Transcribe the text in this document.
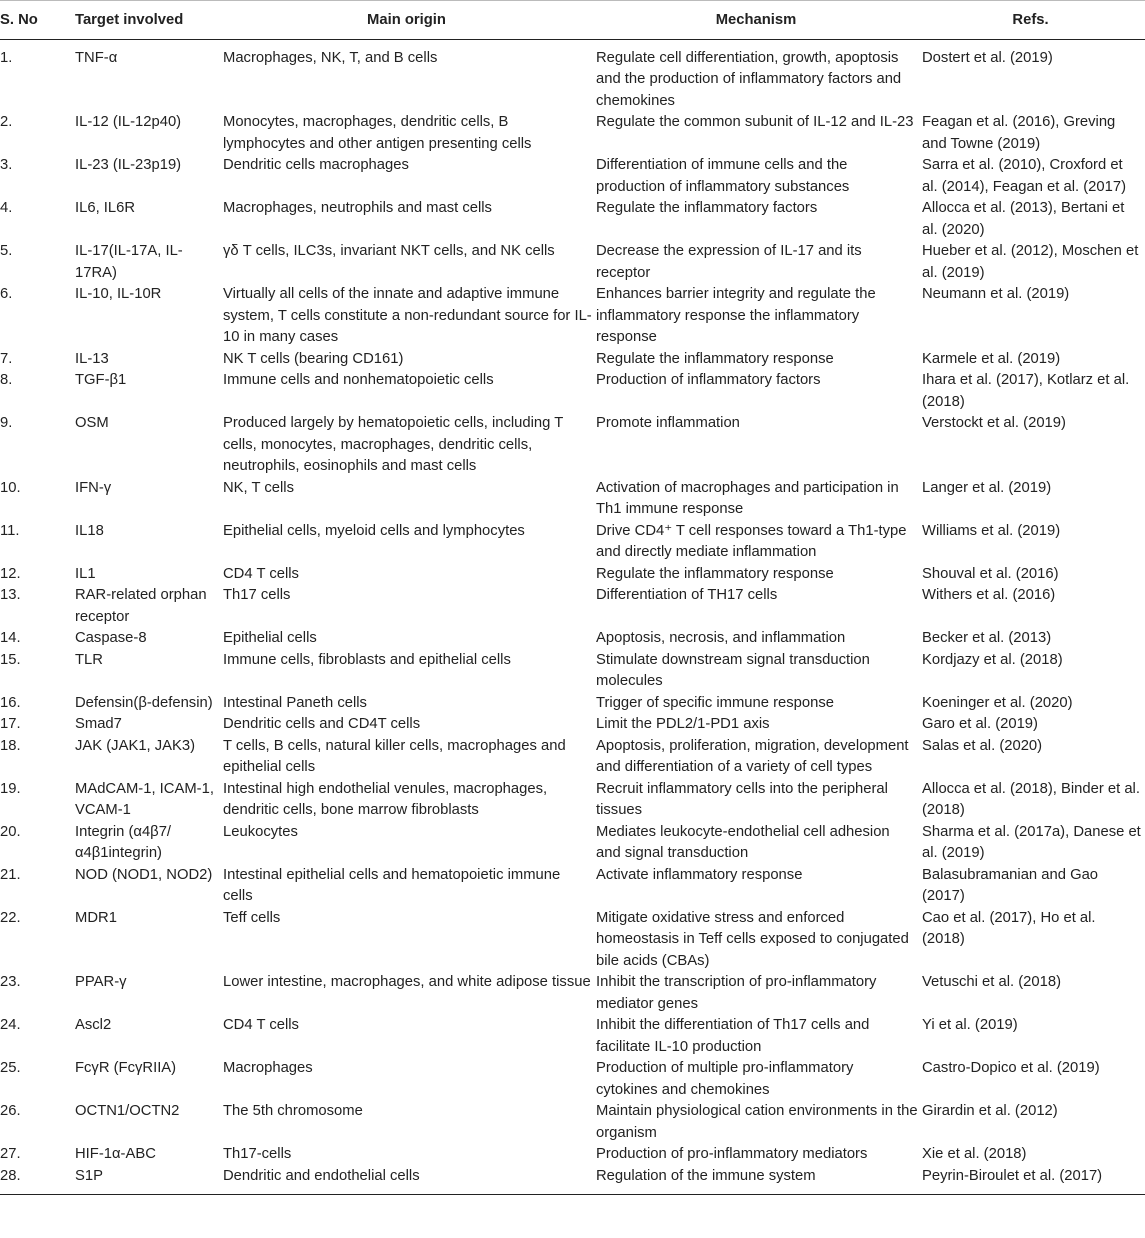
S. No	Target involved	Main origin	Mechanism	Refs.
1.	TNF-α	Macrophages, NK, T, and B cells	Regulate cell differentiation, growth, apoptosis and the production of inflammatory factors and chemokines	Dostert et al. (2019)
2.	IL-12 (IL-12p40)	Monocytes, macrophages, dendritic cells, B lymphocytes and other antigen presenting cells	Regulate the common subunit of IL-12 and IL-23	Feagan et al. (2016), Greving and Towne (2019)
3.	IL-23 (IL-23p19)	Dendritic cells macrophages	Differentiation of immune cells and the production of inflammatory substances	Sarra et al. (2010), Croxford et al. (2014), Feagan et al. (2017)
4.	IL6, IL6R	Macrophages, neutrophils and mast cells	Regulate the inflammatory factors	Allocca et al. (2013), Bertani et al. (2020)
5.	IL-17(IL-17A, IL-17RA)	γδ T cells, ILC3s, invariant NKT cells, and NK cells	Decrease the expression of IL-17 and its receptor	Hueber et al. (2012), Moschen et al. (2019)
6.	IL-10, IL-10R	Virtually all cells of the innate and adaptive immune system, T cells constitute a non-redundant source for IL-10 in many cases	Enhances barrier integrity and regulate the inflammatory response the inflammatory response	Neumann et al. (2019)
7.	IL-13	NK T cells (bearing CD161)	Regulate the inflammatory response	Karmele et al. (2019)
8.	TGF-β1	Immune cells and nonhematopoietic cells	Production of inflammatory factors	Ihara et al. (2017), Kotlarz et al. (2018)
9.	OSM	Produced largely by hematopoietic cells, including T cells, monocytes, macrophages, dendritic cells, neutrophils, eosinophils and mast cells	Promote inflammation	Verstockt et al. (2019)
10.	IFN-γ	NK, T cells	Activation of macrophages and participation in Th1 immune response	Langer et al. (2019)
11.	IL18	Epithelial cells, myeloid cells and lymphocytes	Drive CD4⁺ T cell responses toward a Th1-type and directly mediate inflammation	Williams et al. (2019)
12.	IL1	CD4 T cells	Regulate the inflammatory response	Shouval et al. (2016)
13.	RAR-related orphan receptor	Th17 cells	Differentiation of TH17 cells	Withers et al. (2016)
14.	Caspase-8	Epithelial cells	Apoptosis, necrosis, and inflammation	Becker et al. (2013)
15.	TLR	Immune cells, fibroblasts and epithelial cells	Stimulate downstream signal transduction molecules	Kordjazy et al. (2018)
16.	Defensin(β-defensin)	Intestinal Paneth cells	Trigger of specific immune response	Koeninger et al. (2020)
17.	Smad7	Dendritic cells and CD4T cells	Limit the PDL2/1-PD1 axis	Garo et al. (2019)
18.	JAK (JAK1, JAK3)	T cells, B cells, natural killer cells, macrophages and epithelial cells	Apoptosis, proliferation, migration, development and differentiation of a variety of cell types	Salas et al. (2020)
19.	MAdCAM-1, ICAM-1, VCAM-1	Intestinal high endothelial venules, macrophages, dendritic cells, bone marrow fibroblasts	Recruit inflammatory cells into the peripheral tissues	Allocca et al. (2018), Binder et al. (2018)
20.	Integrin (α4β7/ α4β1integrin)	Leukocytes	Mediates leukocyte-endothelial cell adhesion and signal transduction	Sharma et al. (2017a), Danese et al. (2019)
21.	NOD (NOD1, NOD2)	Intestinal epithelial cells and hematopoietic immune cells	Activate inflammatory response	Balasubramanian and Gao (2017)
22.	MDR1	Teff cells	Mitigate oxidative stress and enforced homeostasis in Teff cells exposed to conjugated bile acids (CBAs)	Cao et al. (2017), Ho et al. (2018)
23.	PPAR-γ	Lower intestine, macrophages, and white adipose tissue	Inhibit the transcription of pro-inflammatory mediator genes	Vetuschi et al. (2018)
24.	Ascl2	CD4 T cells	Inhibit the differentiation of Th17 cells and facilitate IL-10 production	Yi et al. (2019)
25.	FcγR (FcγRIIA)	Macrophages	Production of multiple pro-inflammatory cytokines and chemokines	Castro-Dopico et al. (2019)
26.	OCTN1/OCTN2	The 5th chromosome	Maintain physiological cation environments in the organism	Girardin et al. (2012)
27.	HIF-1α-ABC	Th17-cells	Production of pro-inflammatory mediators	Xie et al. (2018)
28.	S1P	Dendritic and endothelial cells	Regulation of the immune system	Peyrin-Biroulet et al. (2017)
